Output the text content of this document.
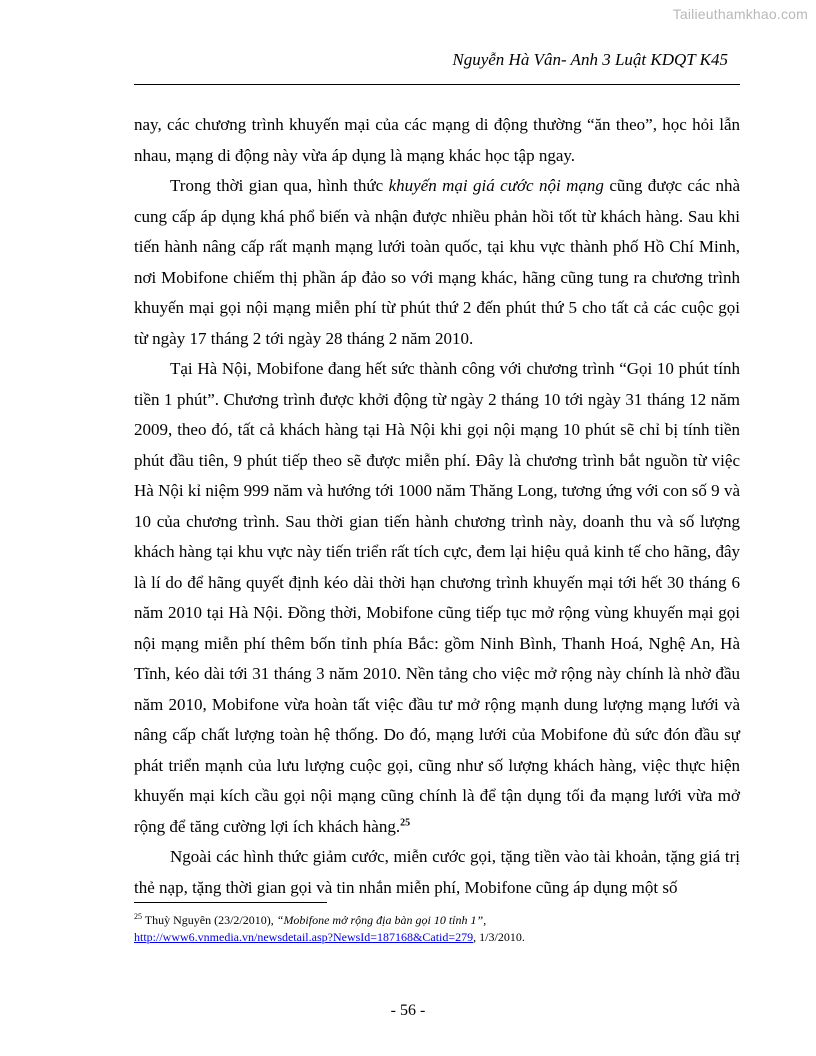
Tailieuthamkhao.com
Nguyễn Hà Vân- Anh 3 Luật KDQT K45

nay, các chương trình khuyến mại của các mạng di động thường “ăn theo”, học hỏi lẫn nhau, mạng di động này vừa áp dụng là mạng khác học tập ngay.

Trong thời gian qua, hình thức khuyến mại giá cước nội mạng cũng được các nhà cung cấp áp dụng khá phổ biến và nhận được nhiều phản hồi tốt từ khách hàng. Sau khi tiến hành nâng cấp rất mạnh mạng lưới toàn quốc, tại khu vực thành phố Hồ Chí Minh, nơi Mobifone chiếm thị phần áp đảo so với mạng khác, hãng cũng tung ra chương trình khuyến mại gọi nội mạng miễn phí từ phút thứ 2 đến phút thứ 5 cho tất cả các cuộc gọi từ ngày 17 tháng 2 tới ngày 28 tháng 2 năm 2010.

Tại Hà Nội, Mobifone đang hết sức thành công với chương trình “Gọi 10 phút tính tiền 1 phút”. Chương trình được khởi động từ ngày 2 tháng 10 tới ngày 31 tháng 12 năm 2009, theo đó, tất cả khách hàng tại Hà Nội khi gọi nội mạng 10 phút sẽ chỉ bị tính tiền phút đầu tiên, 9 phút tiếp theo sẽ được miễn phí. Đây là chương trình bắt nguồn từ việc Hà Nội kỉ niệm 999 năm và hướng tới 1000 năm Thăng Long, tương ứng với con số 9 và 10 của chương trình. Sau thời gian tiến hành chương trình này, doanh thu và số lượng khách hàng tại khu vực này tiến triển rất tích cực, đem lại hiệu quả kinh tế cho hãng, đây là lí do để hãng quyết định kéo dài thời hạn chương trình khuyến mại tới hết 30 tháng 6 năm 2010 tại Hà Nội. Đồng thời, Mobifone cũng tiếp tục mở rộng vùng khuyến mại gọi nội mạng miễn phí thêm bốn tỉnh phía Bắc: gồm Ninh Bình, Thanh Hoá, Nghệ An, Hà Tĩnh, kéo dài tới 31 tháng 3 năm 2010. Nền tảng cho việc mở rộng này chính là nhờ đầu năm 2010, Mobifone vừa hoàn tất việc đầu tư mở rộng mạnh dung lượng mạng lưới và nâng cấp chất lượng toàn hệ thống. Do đó, mạng lưới của Mobifone đủ sức đón đầu sự phát triển mạnh của lưu lượng cuộc gọi, cũng như số lượng khách hàng, việc thực hiện khuyến mại kích cầu gọi nội mạng cũng chính là để tận dụng tối đa mạng lưới vừa mở rộng để tăng cường lợi ích khách hàng.$^{25}$

Ngoài các hình thức giảm cước, miễn cước gọi, tặng tiền vào tài khoản, tặng giá trị thẻ nạp, tặng thời gian gọi và tin nhắn miễn phí, Mobifone cũng áp dụng một số

$^{25}$ Thuỳ Nguyên (23/2/2010), “Mobifone mở rộng địa bàn gọi 10 tỉnh 1”,
http://www6.vnmedia.vn/newsdetail.asp?NewsId=187168&Catid=279, 1/3/2010.
- 56 -
